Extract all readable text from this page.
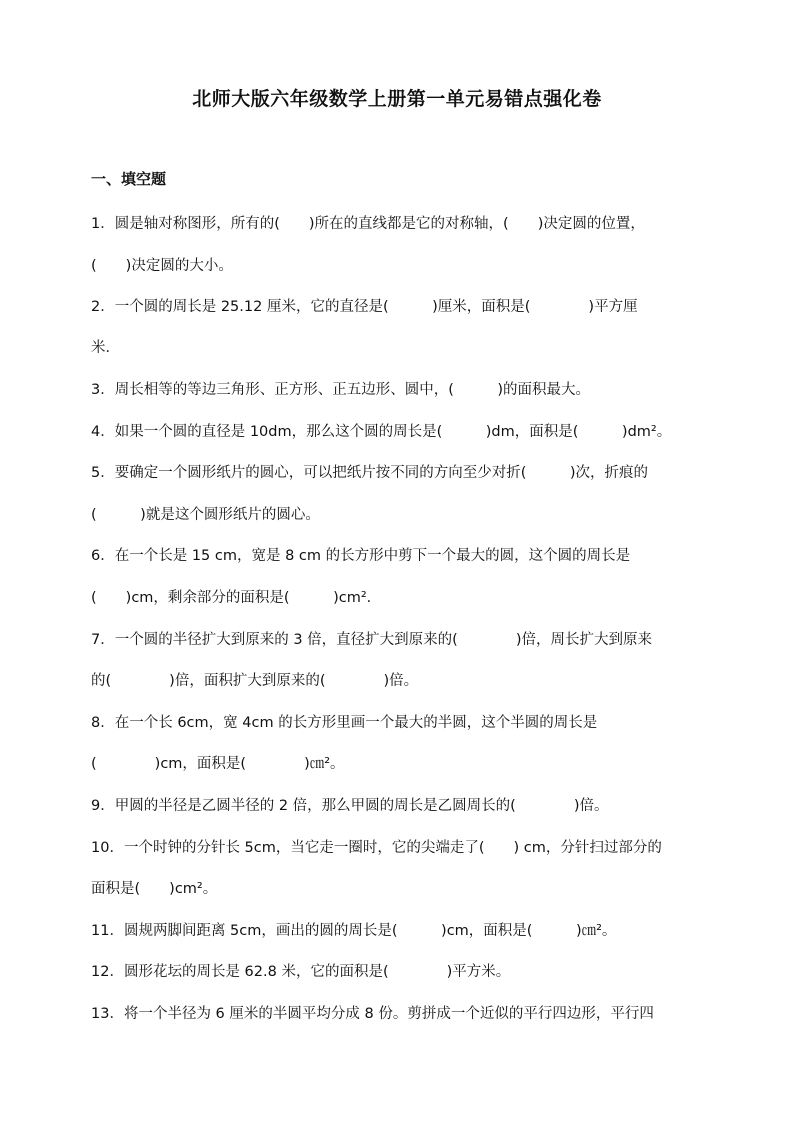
北师大版六年级数学上册第一单元易错点强化卷
一、填空题
1．圆是轴对称图形，所有的(　　)所在的直线都是它的对称轴，(　　)决定圆的位置，
(　　)决定圆的大小。
2．一个圆的周长是 25.12 厘米，它的直径是(　　　)厘米，面积是(　　　　)平方厘
米．
3．周长相等的等边三角形、正方形、正五边形、圆中，(　　　)的面积最大。
4．如果一个圆的直径是 10dm，那么这个圆的周长是(　　　)dm，面积是(　　　)dm²。
5．要确定一个圆形纸片的圆心，可以把纸片按不同的方向至少对折(　　　)次，折痕的
(　　　)就是这个圆形纸片的圆心。
6．在一个长是 15 cm，宽是 8 cm 的长方形中剪下一个最大的圆，这个圆的周长是
(　　)cm，剩余部分的面积是(　　　)cm²．
7．一个圆的半径扩大到原来的 3 倍，直径扩大到原来的(　　　　)倍，周长扩大到原来
的(　　　　)倍，面积扩大到原来的(　　　　)倍。
8．在一个长 6cm，宽 4cm 的长方形里画一个最大的半圆，这个半圆的周长是
(　　　　)cm，面积是(　　　　)㎝²。
9．甲圆的半径是乙圆半径的 2 倍，那么甲圆的周长是乙圆周长的(　　　　)倍。
10．一个时钟的分针长 5cm，当它走一圈时，它的尖端走了(　　) cm，分针扫过部分的
面积是(　　)cm²。
11．圆规两脚间距离 5cm，画出的圆的周长是(　　　)cm，面积是(　　　)㎝²。
12．圆形花坛的周长是 62.8 米，它的面积是(　　　　)平方米。
13．将一个半径为 6 厘米的半圆平均分成 8 份。剪拼成一个近似的平行四边形，平行四
